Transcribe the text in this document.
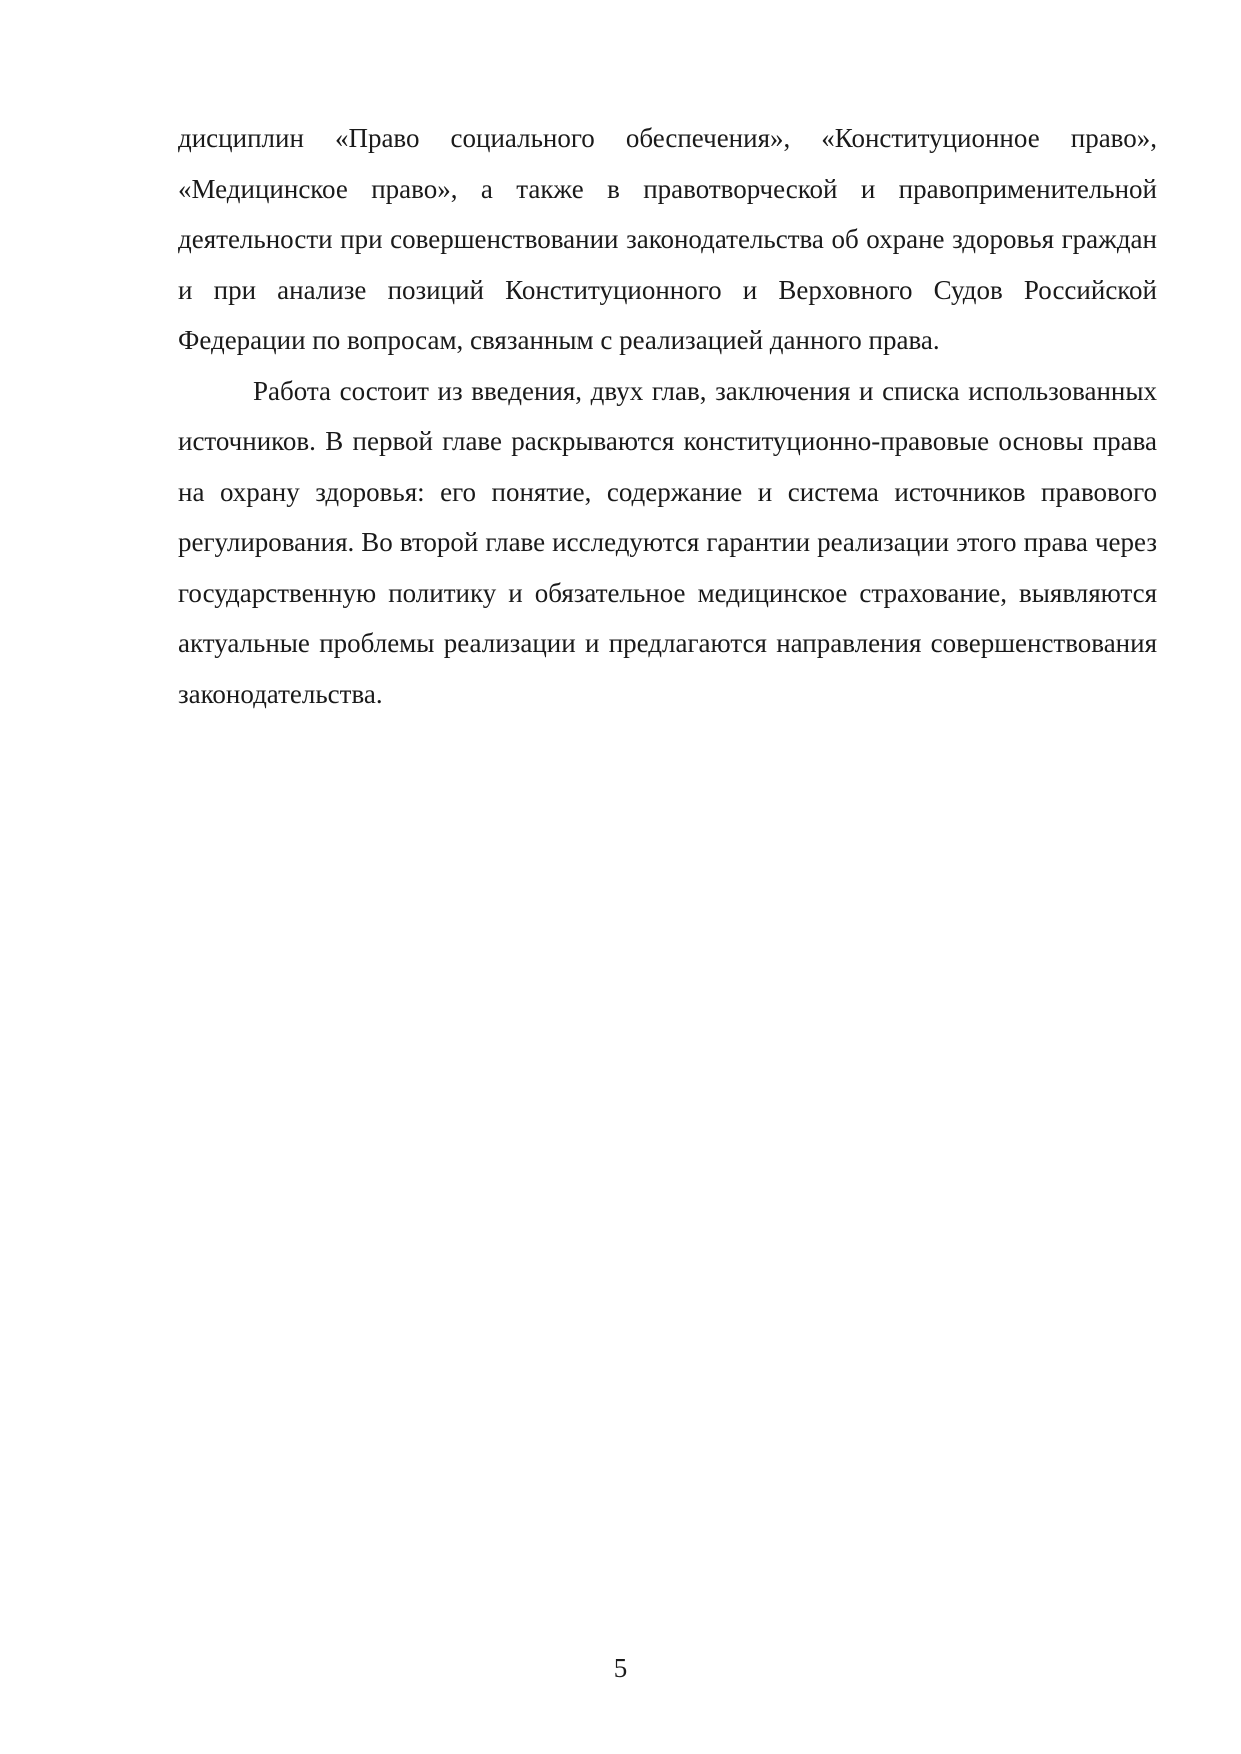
дисциплин «Право социального обеспечения», «Конституционное право», «Медицинское право», а также в правотворческой и правоприменительной деятельности при совершенствовании законодательства об охране здоровья граждан и при анализе позиций Конституционного и Верховного Судов Российской Федерации по вопросам, связанным с реализацией данного права.

Работа состоит из введения, двух глав, заключения и списка использованных источников. В первой главе раскрываются конституционно-правовые основы права на охрану здоровья: его понятие, содержание и система источников правового регулирования. Во второй главе исследуются гарантии реализации этого права через государственную политику и обязательное медицинское страхование, выявляются актуальные проблемы реализации и предлагаются направления совершенствования законодательства.

5
